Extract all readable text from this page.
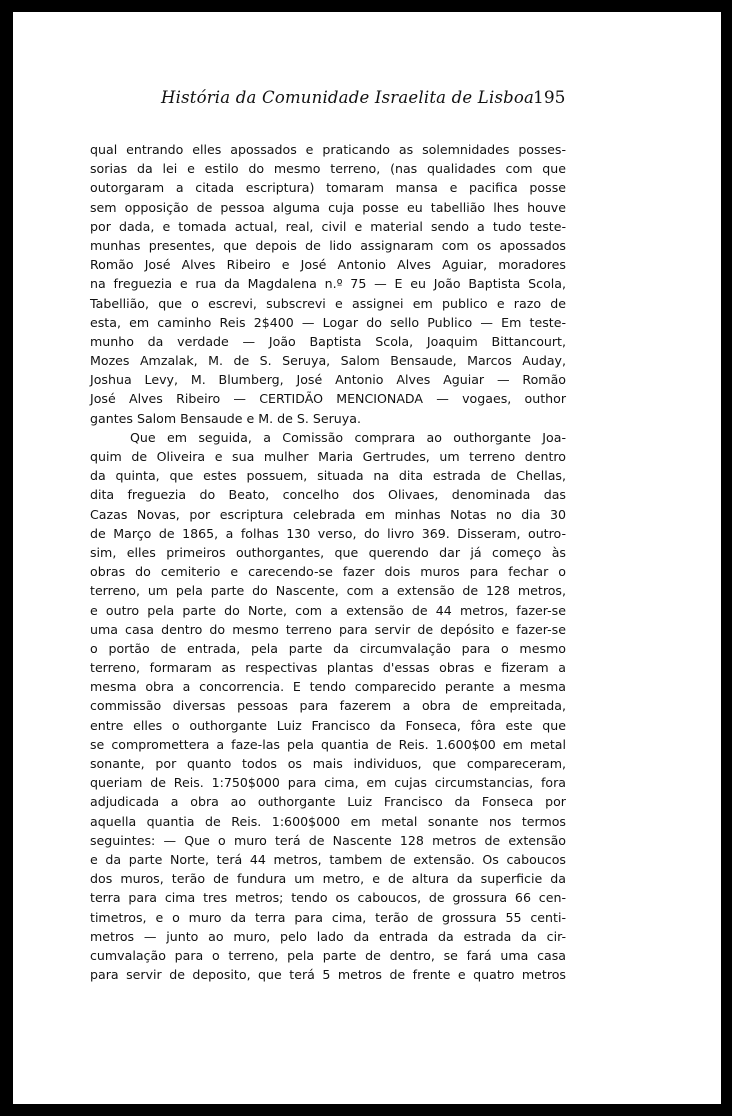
História da Comunidade Israelita de Lisboa
195
qual entrando elles apossados e praticando as solemnidades posses-
sorias da lei e estilo do mesmo terreno, (nas qualidades com que
outorgaram a citada escriptura) tomaram mansa e pacifica posse
sem opposição de pessoa alguma cuja posse eu tabellião lhes houve
por dada, e tomada actual, real, civil e material sendo a tudo teste-
munhas presentes, que depois de lido assignaram com os apossados
Romão José Alves Ribeiro e José Antonio Alves Aguiar, moradores
na freguezia e rua da Magdalena n.º 75 — E eu João Baptista Scola,
Tabellião, que o escrevi, subscrevi e assignei em publico e razo de
esta, em caminho Reis 2$400 — Logar do sello Publico — Em teste-
munho da verdade — João Baptista Scola, Joaquim Bittancourt,
Mozes Amzalak, M. de S. Seruya, Salom Bensaude, Marcos Auday,
Joshua Levy, M. Blumberg, José Antonio Alves Aguiar — Romão
José Alves Ribeiro — CERTIDÃO MENCIONADA — vogaes, outhor
gantes Salom Bensaude e M. de S. Seruya.
Que em seguida, a Comissão comprara ao outhorgante Joa-
quim de Oliveira e sua mulher Maria Gertrudes, um terreno dentro
da quinta, que estes possuem, situada na dita estrada de Chellas,
dita freguezia do Beato, concelho dos Olivaes, denominada das
Cazas Novas, por escriptura celebrada em minhas Notas no dia 30
de Março de 1865, a folhas 130 verso, do livro 369. Disseram, outro-
sim, elles primeiros outhorgantes, que querendo dar já começo às
obras do cemiterio e carecendo-se fazer dois muros para fechar o
terreno, um pela parte do Nascente, com a extensão de 128 metros,
e outro pela parte do Norte, com a extensão de 44 metros, fazer-se
uma casa dentro do mesmo terreno para servir de depósito e fazer-se
o portão de entrada, pela parte da circumvalação para o mesmo
terreno, formaram as respectivas plantas d'essas obras e fizeram a
mesma obra a concorrencia. E tendo comparecido perante a mesma
commissão diversas pessoas para fazerem a obra de empreitada,
entre elles o outhorgante Luiz Francisco da Fonseca, fôra este que
se compromettera a faze-las pela quantia de Reis. 1.600$00 em metal
sonante, por quanto todos os mais individuos, que compareceram,
queriam de Reis. 1:750$000 para cima, em cujas circumstancias, fora
adjudicada a obra ao outhorgante Luiz Francisco da Fonseca por
aquella quantia de Reis. 1:600$000 em metal sonante nos termos
seguintes: — Que o muro terá de Nascente 128 metros de extensão
e da parte Norte, terá 44 metros, tambem de extensão. Os caboucos
dos muros, terão de fundura um metro, e de altura da superficie da
terra para cima tres metros; tendo os caboucos, de grossura 66 cen-
timetros, e o muro da terra para cima, terão de grossura 55 centi-
metros — junto ao muro, pelo lado da entrada da estrada da cir-
cumvalação para o terreno, pela parte de dentro, se fará uma casa
para servir de deposito, que terá 5 metros de frente e quatro metros
